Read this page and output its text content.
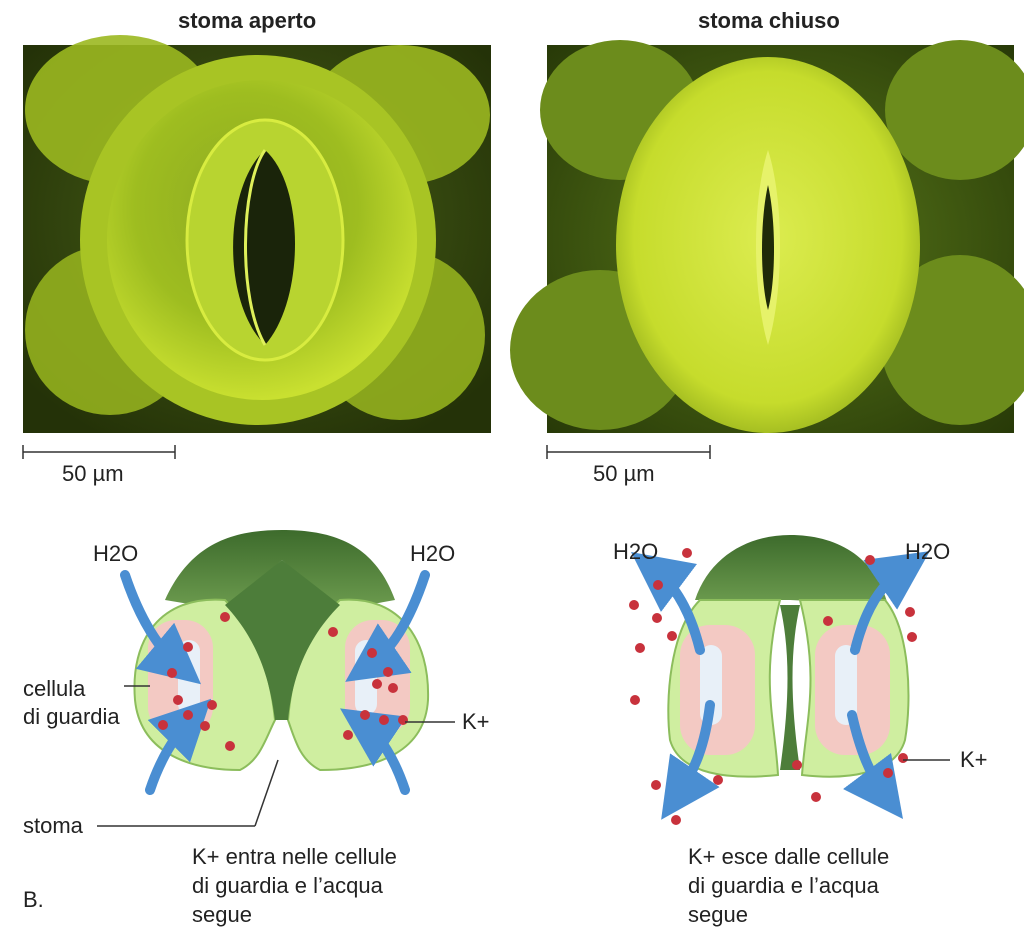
stoma aperto	stoma chiuso
50 µm	50 µm
H2O	H2O
cellula
di guardia
stoma
K+
K+ entra nelle cellule
di guardia e l’acqua
segue
H2O	H2O
K+
K+ esce dalle cellule
di guardia e l’acqua
segue
B.
